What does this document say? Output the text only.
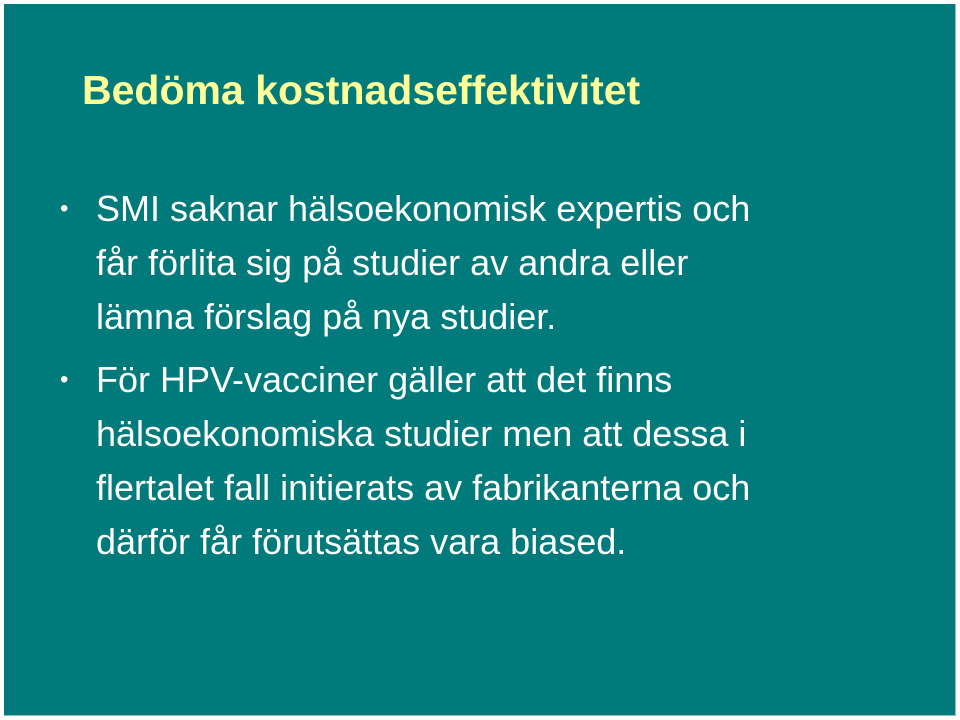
Bedöma kostnadseffektivitet
• SMI saknar hälsoekonomisk expertis och
får förlita sig på studier av andra eller
lämna förslag på nya studier.
• För HPV-vacciner gäller att det finns
hälsoekonomiska studier men att dessa i
flertalet fall initierats av fabrikanterna och
därför får förutsättas vara biased.
